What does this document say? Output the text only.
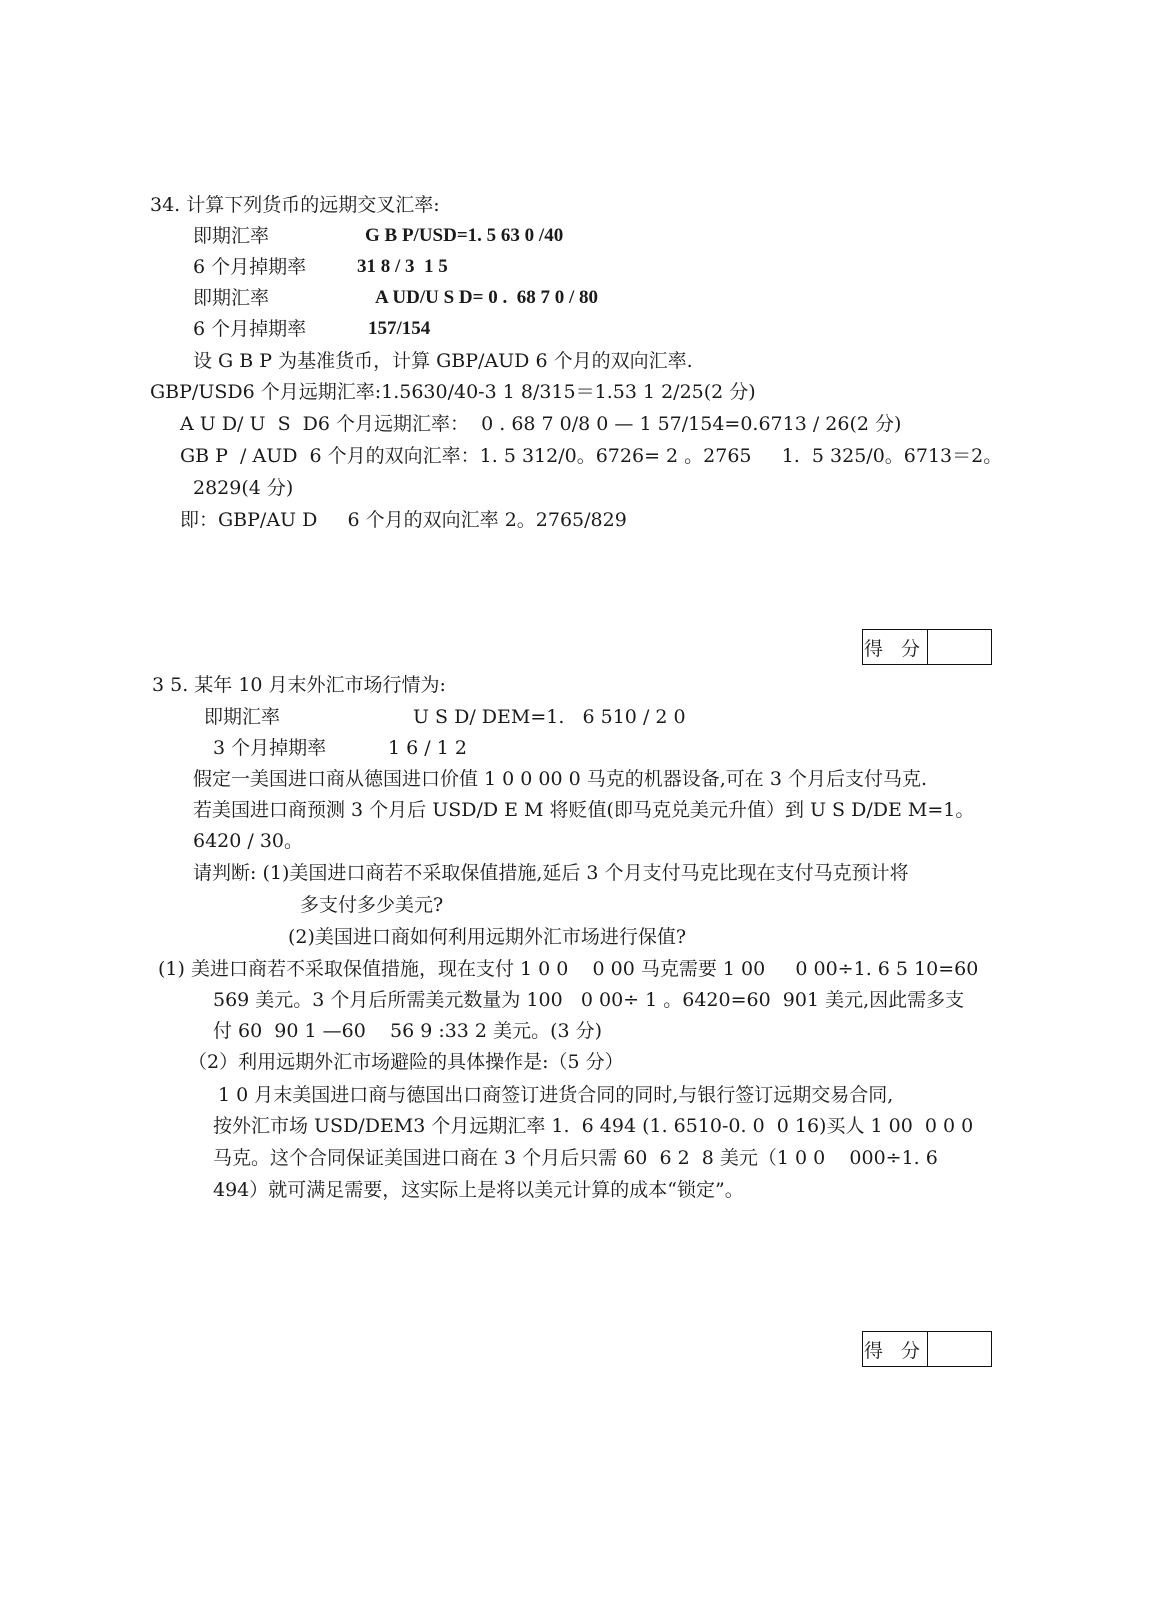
34. 计算下列货币的远期交叉汇率:
即期汇率	G B P/USD=1. 5 63 0 /40
6 个月掉期率	31 8 / 3  1 5
即期汇率	A UD/U S D= 0 .  68 7 0 / 80
6 个月掉期率	157/154
设 G B P 为基准货币，计算 GBP/AUD 6 个月的双向汇率.
GBP/USD6 个月远期汇率:1.5630/40-3 1 8/315＝1.53 1 2/25(2 分)
A U D/ U  S  D6 个月远期汇率：  0 . 68 7 0/8 0 — 1 57/154=0.6713 / 26(2 分)
GB P  / AUD  6 个月的双向汇率：1. 5 312/0。6726= 2 。2765     1.  5 325/0。6713＝2。
2829(4 分)
即：GBP/AU D     6 个月的双向汇率 2。2765/829
得 分
3 5. 某年 10 月末外汇市场行情为:
即期汇率	U S D/ DEM=1.   6 510 / 2 0
3 个月掉期率	1 6 / 1 2
假定一美国进口商从德国进口价值 1 0 0 00 0 马克的机器设备,可在 3 个月后支付马克.
若美国进口商预测 3 个月后 USD/D E M 将贬值(即马克兑美元升值）到 U S D/DE M=1。
6420 / 30。
请判断: (1)美国进口商若不采取保值措施,延后 3 个月支付马克比现在支付马克预计将
多支付多少美元?
(2)美国进口商如何利用远期外汇市场进行保值?
(1) 美进口商若不采取保值措施，现在支付 1 0 0    0 00 马克需要 1 00     0 00÷1. 6 5 10=60
569 美元。3 个月后所需美元数量为 100   0 00÷ 1 。6420=60  901 美元,因此需多支
付 60  90 1 —60    56 9 :33 2 美元。(3 分)
（2）利用远期外汇市场避险的具体操作是:（5 分）
1 0 月末美国进口商与德国出口商签订进货合同的同时,与银行签订远期交易合同,
按外汇市场 USD/DEM3 个月远期汇率 1.  6 494 (1. 6510-0. 0  0 16)买人 1 00  0 0 0
马克。这个合同保证美国进口商在 3 个月后只需 60  6 2  8 美元（1 0 0    000÷1. 6
494）就可满足需要，这实际上是将以美元计算的成本“锁定”。
得 分
